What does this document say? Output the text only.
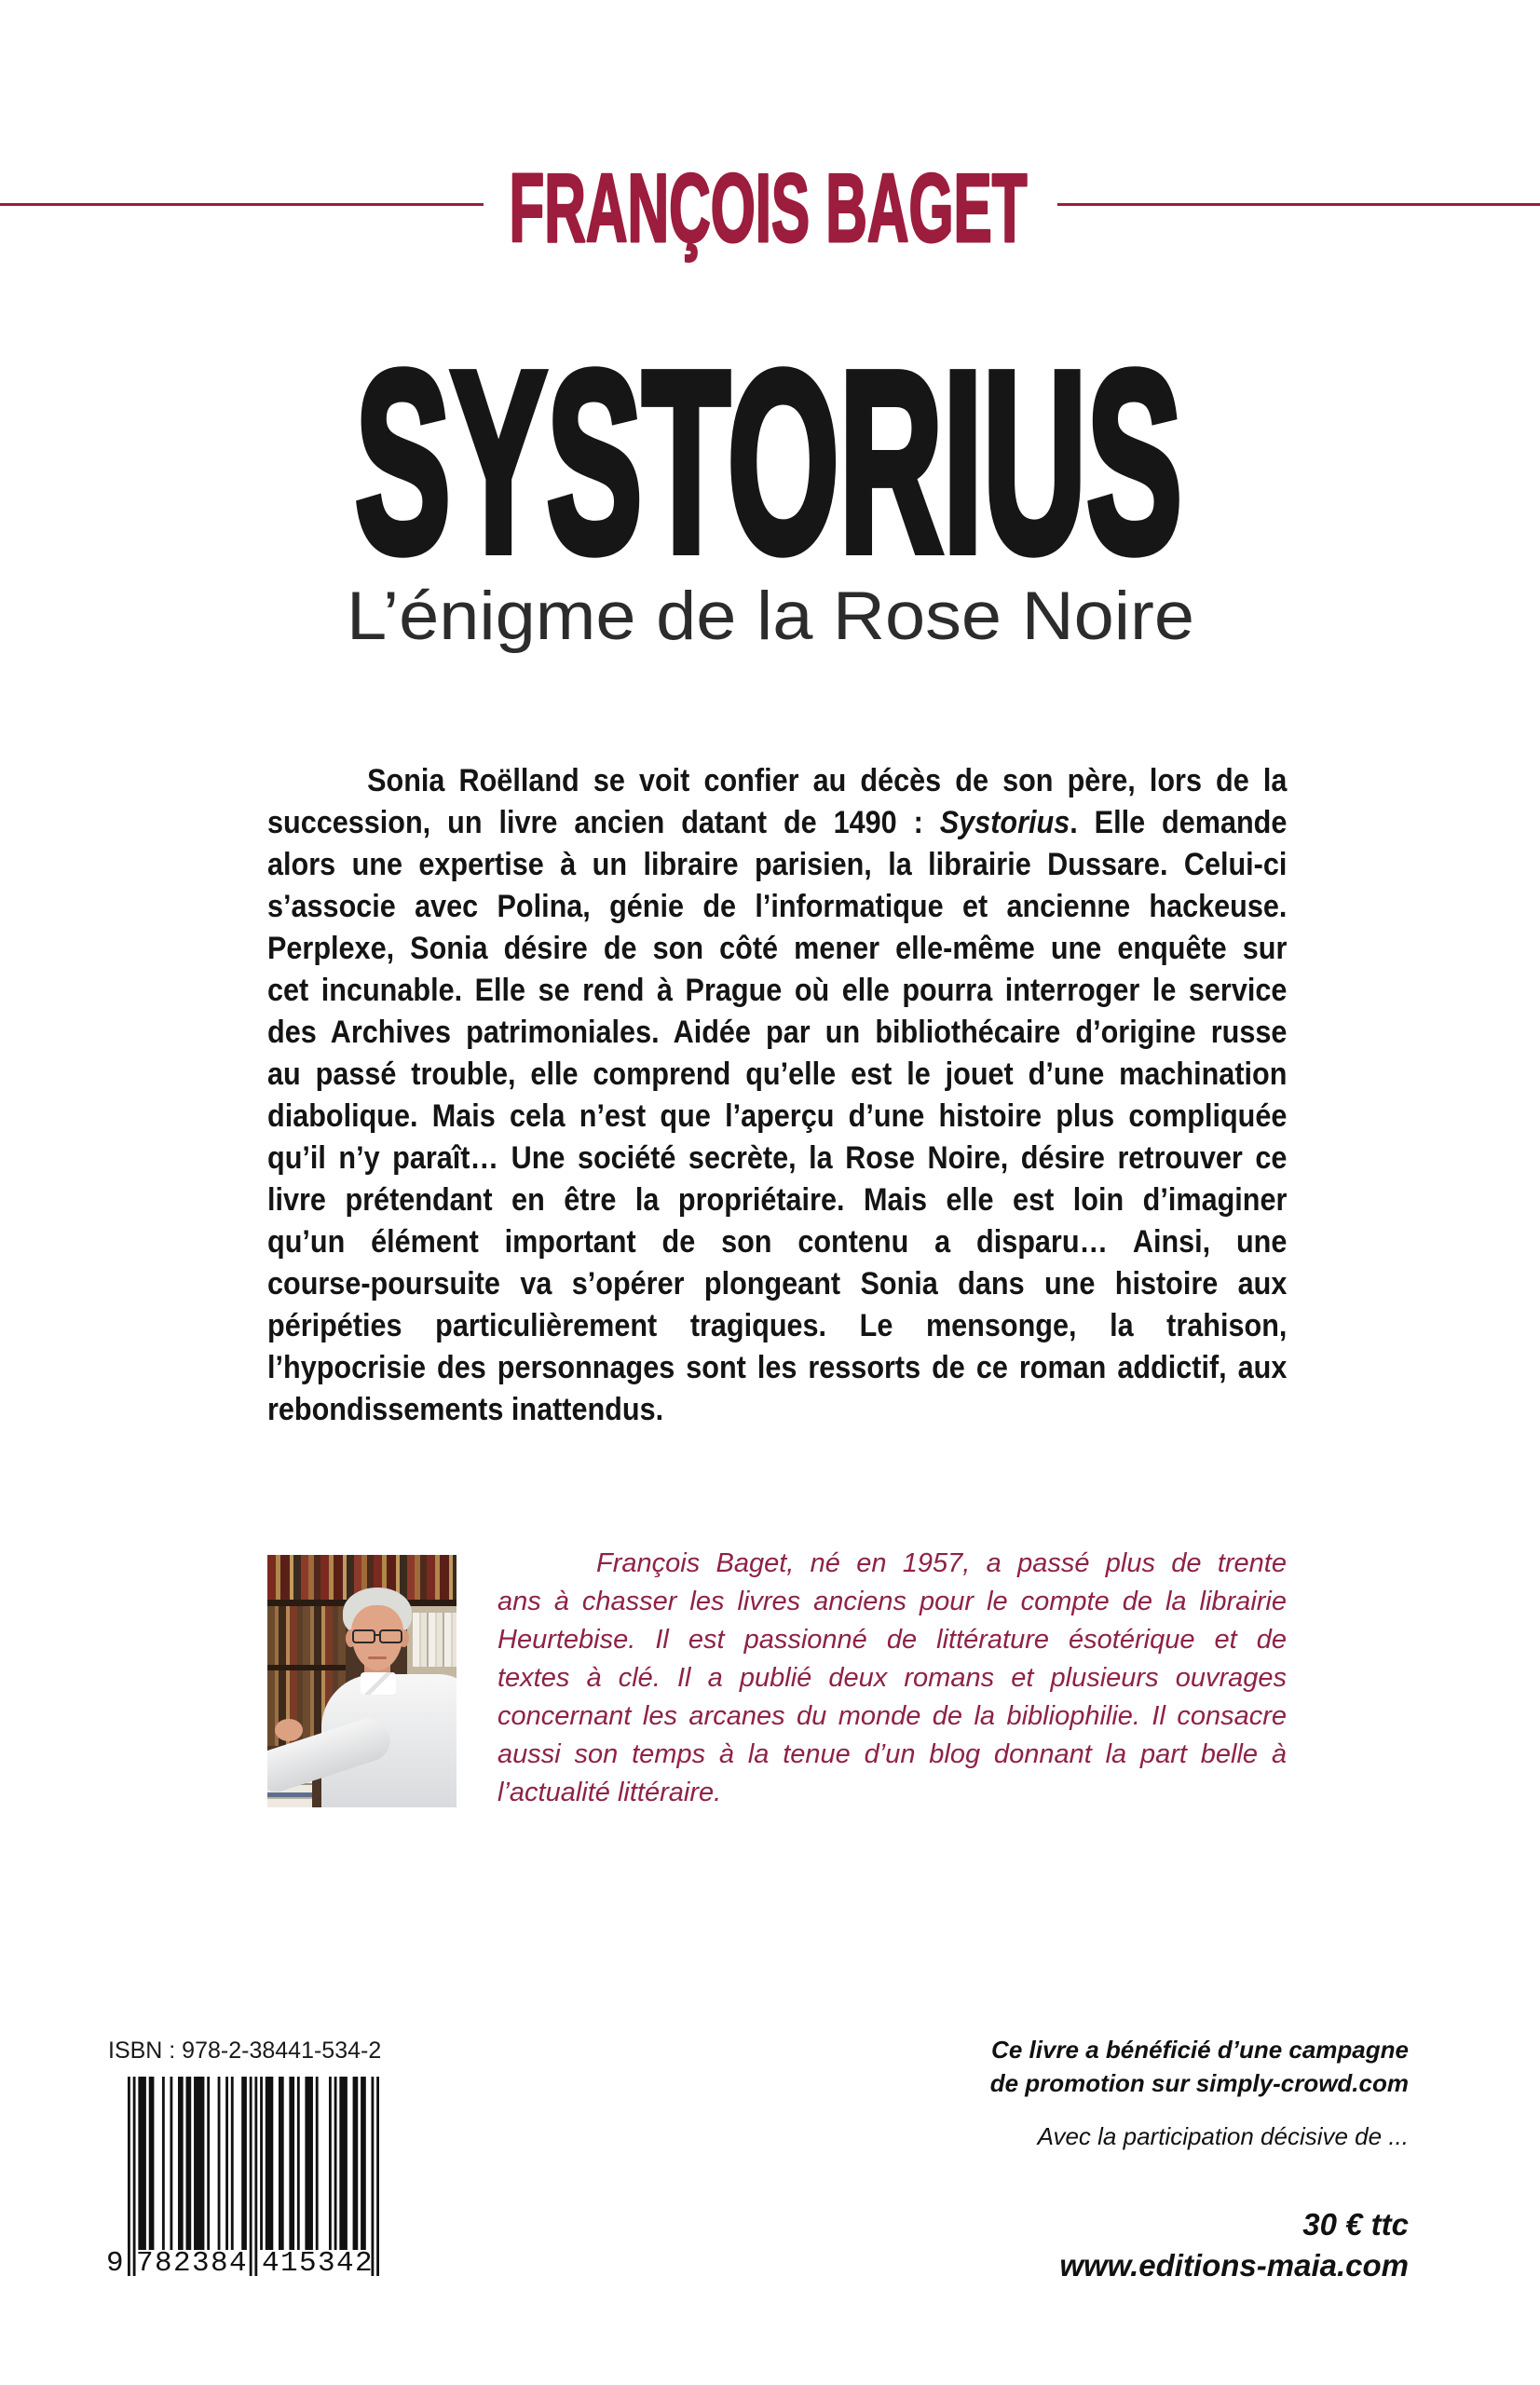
FRANÇOIS BAGET
SYSTORIUS
L’énigme de la Rose Noire
Sonia Roëlland se voit confier au décès de son père, lors de la
succession, un livre ancien datant de 1490 : Systorius. Elle demande
alors une expertise à un libraire parisien, la librairie Dussare. Celui-ci
s’associe avec Polina, génie de l’informatique et ancienne hackeuse.
Perplexe, Sonia désire de son côté mener elle-même une enquête sur
cet incunable. Elle se rend à Prague où elle pourra interroger le service
des Archives patrimoniales. Aidée par un bibliothécaire d’origine russe
au passé trouble, elle comprend qu’elle est le jouet d’une machination
diabolique. Mais cela n’est que l’aperçu d’une histoire plus compliquée
qu’il n’y paraît… Une société secrète, la Rose Noire, désire retrouver ce
livre prétendant en être la propriétaire. Mais elle est loin d’imaginer
qu’un élément important de son contenu a disparu… Ainsi, une
course-poursuite va s’opérer plongeant Sonia dans une histoire aux
péripéties particulièrement tragiques. Le mensonge, la trahison,
l’hypocrisie des personnages sont les ressorts de ce roman addictif, aux
rebondissements inattendus.
François Baget, né en 1957, a passé plus de trente
ans à chasser les livres anciens pour le compte de la librairie
Heurtebise. Il est passionné de littérature ésotérique et de
textes à clé. Il a publié deux romans et plusieurs ouvrages
concernant les arcanes du monde de la bibliophilie. Il consacre
aussi son temps à la tenue d’un blog donnant la part belle à
l’actualité littéraire.
ISBN : 978-2-38441-534-2
9 782384 415342
Ce livre a bénéficié d’une campagne
de promotion sur simply-crowd.com
Avec la participation décisive de ...
30 € ttc
www.editions-maia.com
